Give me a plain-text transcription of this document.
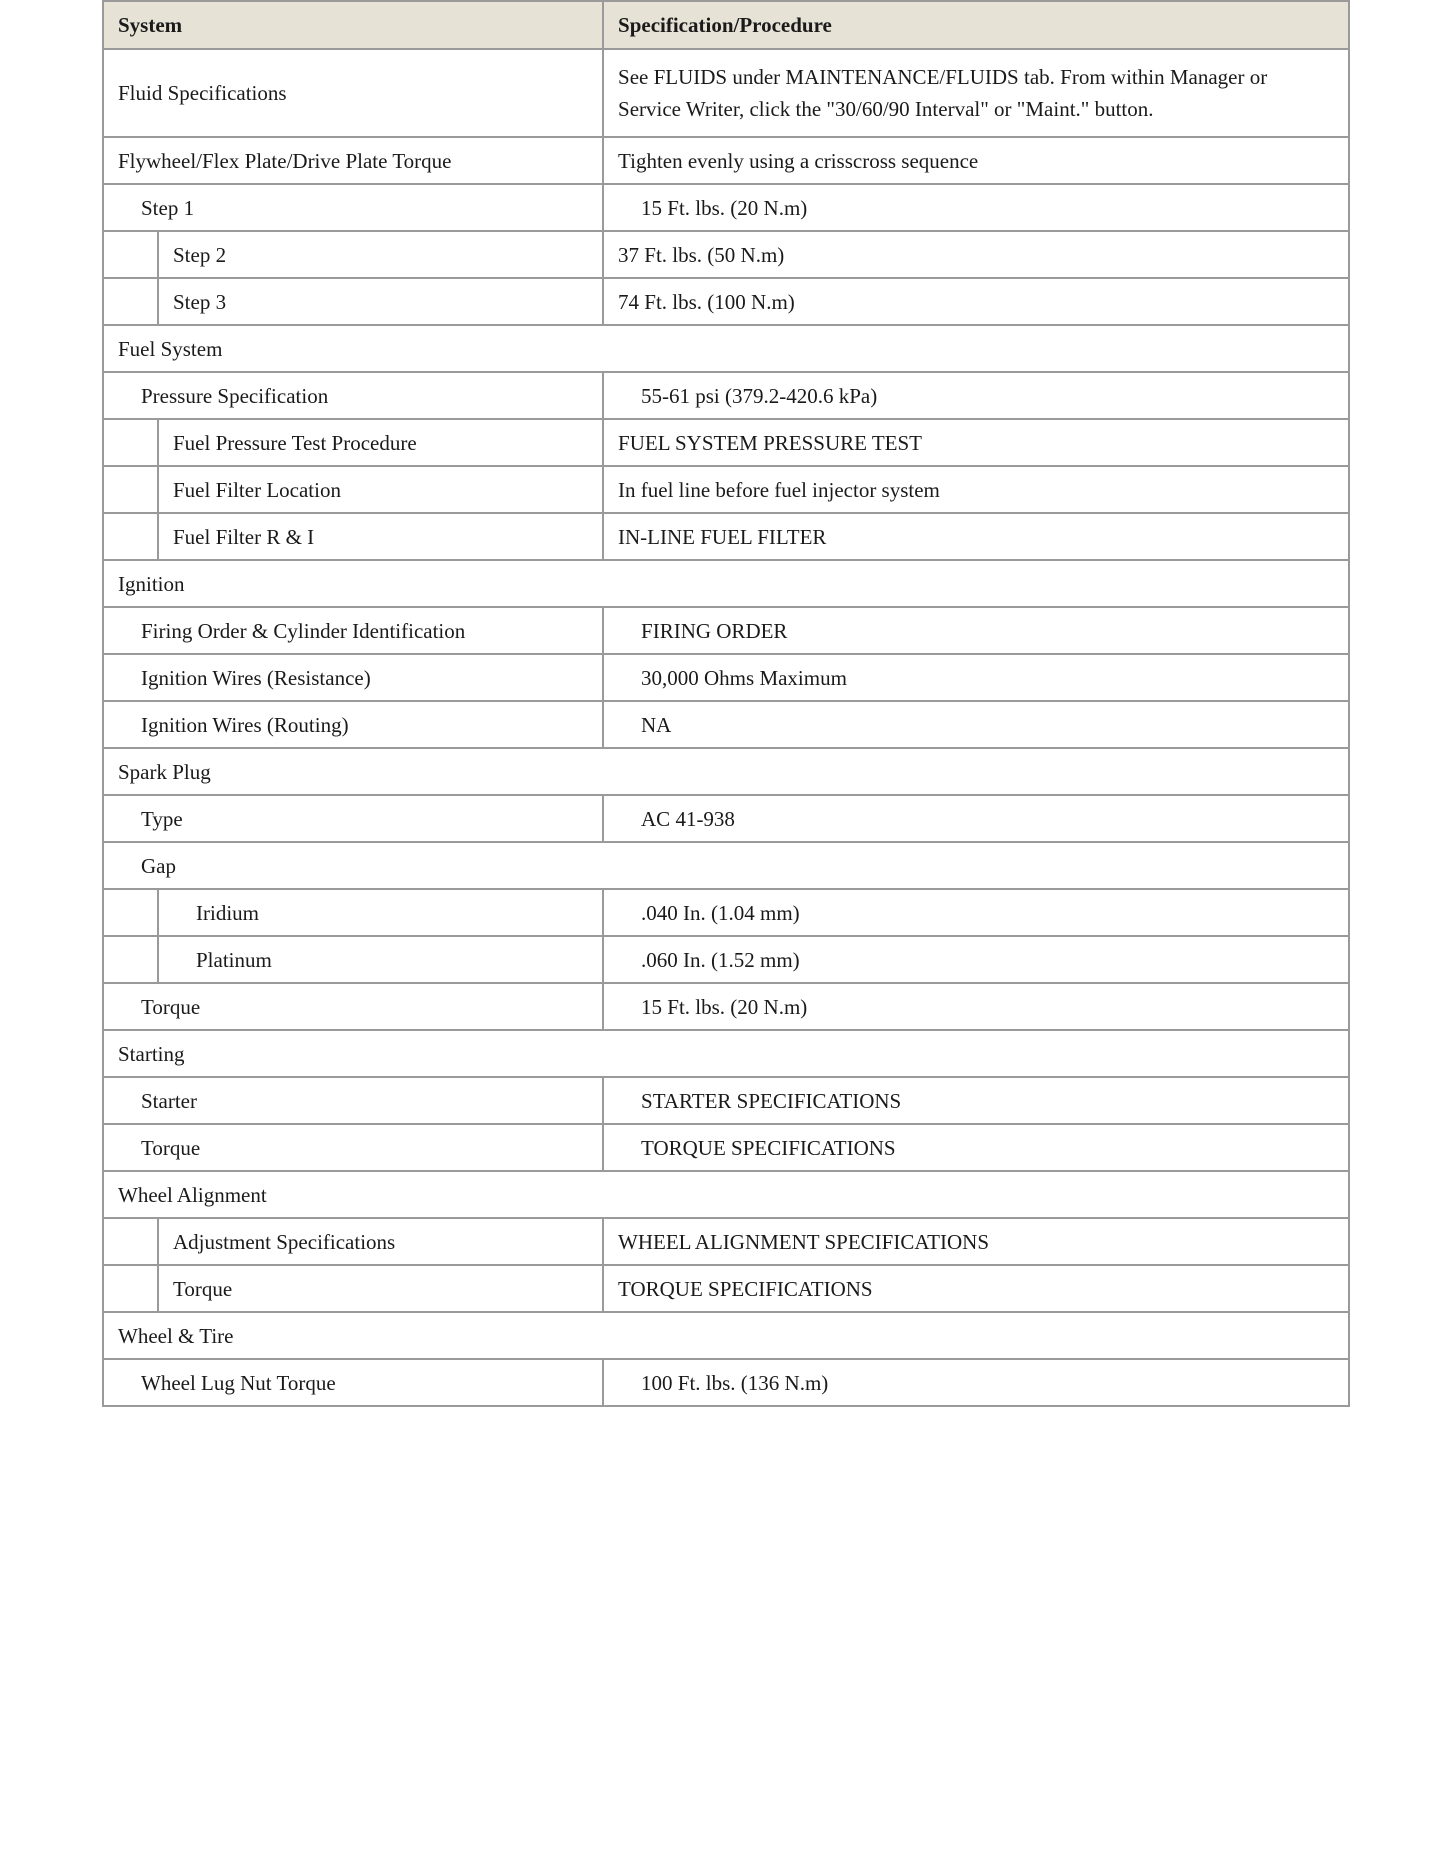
System		Specification/Procedure
Fluid Specifications		See FLUIDS under MAINTENANCE/FLUIDS tab. From within Manager or Service Writer, click the "30/60/90 Interval" or "Maint." button.
Flywheel/Flex Plate/Drive Plate Torque		Tighten evenly using a crisscross sequence
Step 1		15 Ft. lbs. (20 N.m)
	Step 2	37 Ft. lbs. (50 N.m)
	Step 3	74 Ft. lbs. (100 N.m)
Fuel System		
Pressure Specification		55-61 psi (379.2-420.6 kPa)
	Fuel Pressure Test Procedure	FUEL SYSTEM PRESSURE TEST
	Fuel Filter Location	In fuel line before fuel injector system
	Fuel Filter R & I	IN-LINE FUEL FILTER
Ignition		
Firing Order & Cylinder Identification		FIRING ORDER
Ignition Wires (Resistance)		30,000 Ohms Maximum
Ignition Wires (Routing)		NA
Spark Plug		
Type		AC 41-938
Gap		
	Iridium	.040 In. (1.04 mm)
	Platinum	.060 In. (1.52 mm)
Torque		15 Ft. lbs. (20 N.m)
Starting		
Starter		STARTER SPECIFICATIONS
Torque		TORQUE SPECIFICATIONS
Wheel Alignment		
	Adjustment Specifications	WHEEL ALIGNMENT SPECIFICATIONS
	Torque	TORQUE SPECIFICATIONS
Wheel & Tire		
Wheel Lug Nut Torque		100 Ft. lbs. (136 N.m)
